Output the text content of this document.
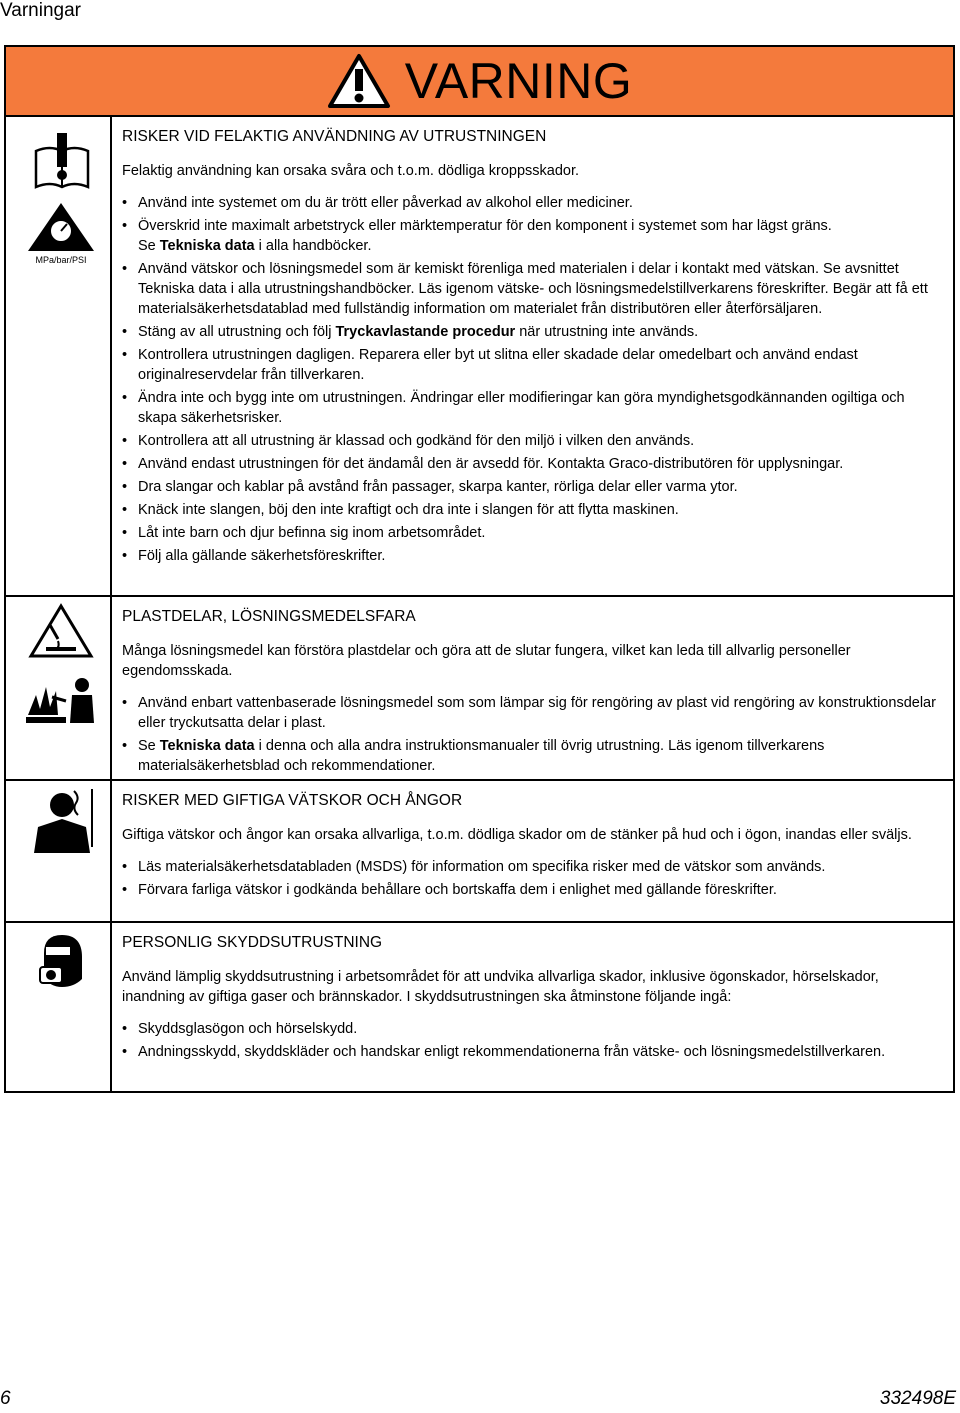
Varningar
VARNING
MPa/bar/PSI
RISKER VID FELAKTIG ANVÄNDNING AV UTRUSTNINGEN
Felaktig användning kan orsaka svåra och t.o.m. dödliga kroppsskador.
• Använd inte systemet om du är trött eller påverkad av alkohol eller mediciner.
• Överskrid inte maximalt arbetstryck eller märktemperatur för den komponent i systemet som har lägst gräns.
Se Tekniska data i alla handböcker.
• Använd vätskor och lösningsmedel som är kemiskt förenliga med materialen i delar i kontakt med vätskan. Se avsnittet Tekniska data i alla utrustningshandböcker. Läs igenom vätske- och lösningsmedelstillverkarens föreskrifter. Begär att få ett materialsäkerhetsdatablad med fullständig information om materialet från distributören eller återförsäljaren.
• Stäng av all utrustning och följ Tryckavlastande procedur när utrustning inte används.
• Kontrollera utrustningen dagligen. Reparera eller byt ut slitna eller skadade delar omedelbart och använd endast originalreservdelar från tillverkaren.
• Ändra inte och bygg inte om utrustningen. Ändringar eller modifieringar kan göra myndighetsgodkännanden ogiltiga och skapa säkerhetsrisker.
• Kontrollera att all utrustning är klassad och godkänd för den miljö i vilken den används.
• Använd endast utrustningen för det ändamål den är avsedd för. Kontakta Graco-distributören för upplysningar.
• Dra slangar och kablar på avstånd från passager, skarpa kanter, rörliga delar eller varma ytor.
• Knäck inte slangen, böj den inte kraftigt och dra inte i slangen för att flytta maskinen.
• Låt inte barn och djur befinna sig inom arbetsområdet.
• Följ alla gällande säkerhetsföreskrifter.
PLASTDELAR, LÖSNINGSMEDELSFARA
Många lösningsmedel kan förstöra plastdelar och göra att de slutar fungera, vilket kan leda till allvarlig personeller egendomsskada.
• Använd enbart vattenbaserade lösningsmedel som som lämpar sig för rengöring av plast vid rengöring av konstruktionsdelar eller tryckutsatta delar i plast.
• Se Tekniska data i denna och alla andra instruktionsmanualer till övrig utrustning. Läs igenom tillverkarens materialsäkerhetsblad och rekommendationer.
RISKER MED GIFTIGA VÄTSKOR OCH ÅNGOR
Giftiga vätskor och ångor kan orsaka allvarliga, t.o.m. dödliga skador om de stänker på hud och i ögon, inandas eller sväljs.
• Läs materialsäkerhetsdatabladen (MSDS) för information om specifika risker med de vätskor som används.
• Förvara farliga vätskor i godkända behållare och bortskaffa dem i enlighet med gällande föreskrifter.
PERSONLIG SKYDDSUTRUSTNING
Använd lämplig skyddsutrustning i arbetsområdet för att undvika allvarliga skador, inklusive ögonskador, hörselskador, inandning av giftiga gaser och brännskador. I skyddsutrustningen ska åtminstone följande ingå:
• Skyddsglasögon och hörselskydd.
• Andningsskydd, skyddskläder och handskar enligt rekommendationerna från vätske- och lösningsmedelstillverkaren.
6	332498E
